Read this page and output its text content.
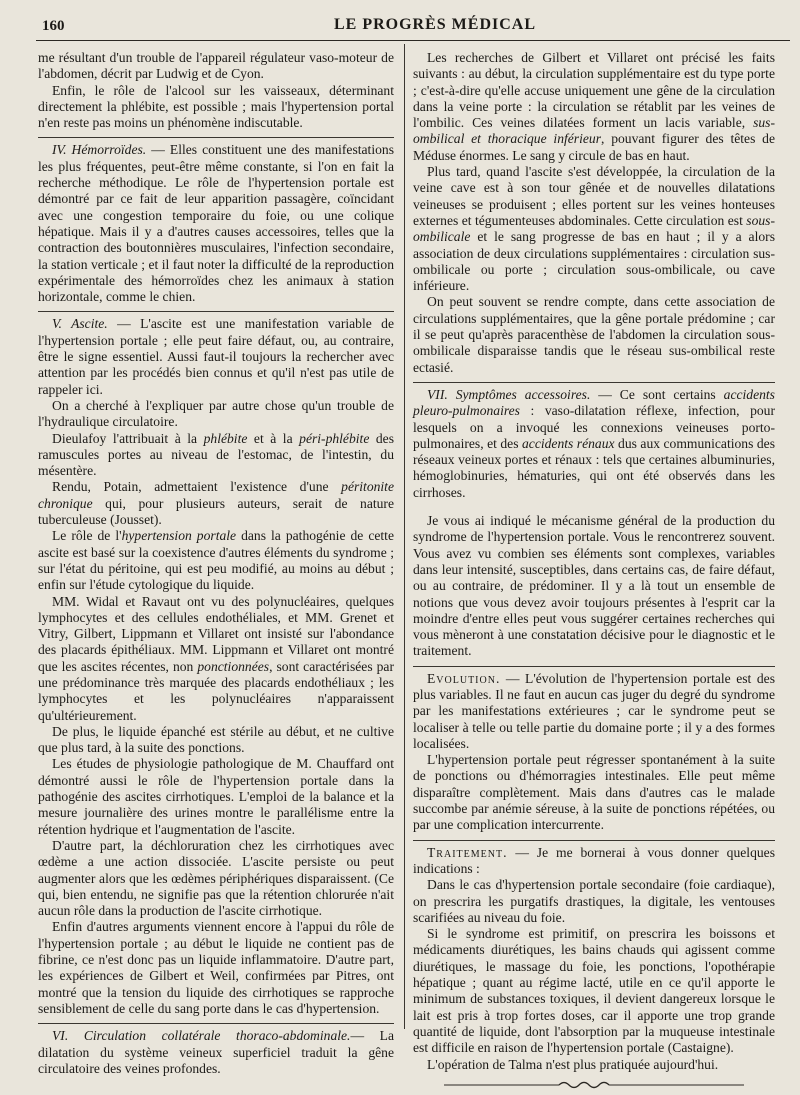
160	LE PROGRÈS MÉDICAL

me résultant d'un trouble de l'appareil régulateur vaso-moteur de l'abdomen, décrit par Ludwig et de Cyon.

Enfin, le rôle de l'alcool sur les vaisseaux, déterminant directement la phlébite, est possible ; mais l'hypertension portal n'en reste pas moins un phénomène indiscutable.

IV. Hémorroïdes. — Elles constituent une des manifestations les plus fréquentes, peut-être même constante, si l'on en fait la recherche méthodique. Le rôle de l'hypertension portale est démontré par ce fait de leur apparition passagère, coïncidant avec une congestion temporaire du foie, ou une colique hépatique. Mais il y a d'autres causes accessoires, telles que la contraction des boutonnières musculaires, l'infection secondaire, la station verticale ; et il faut noter la difficulté de la reproduction expérimentale des hémorroïdes chez les animaux à station horizontale, comme le chien.

V. Ascite. — L'ascite est une manifestation variable de l'hypertension portale ; elle peut faire défaut, ou, au contraire, être le signe essentiel. Aussi faut-il toujours la rechercher avec attention par les procédés bien connus et qu'il n'est pas utile de rappeler ici.

On a cherché à l'expliquer par autre chose qu'un trouble de l'hydraulique circulatoire.

Dieulafoy l'attribuait à la phlébite et à la péri-phlébite des ramuscules portes au niveau de l'estomac, de l'intestin, du mésentère.

Rendu, Potain, admettaient l'existence d'une péritonite chronique qui, pour plusieurs auteurs, serait de nature tuberculeuse (Jousset).

Le rôle de l'hypertension portale dans la pathogénie de cette ascite est basé sur la coexistence d'autres éléments du syndrome ; sur l'état du péritoine, qui est peu modifié, au moins au début ; enfin sur l'étude cytologique du liquide.

MM. Widal et Ravaut ont vu des polynucléaires, quelques lymphocytes et des cellules endothéliales, et MM. Grenet et Vitry, Gilbert, Lippmann et Villaret ont insisté sur l'abondance des placards épithéliaux. MM. Lippmann et Villaret ont montré que les ascites récentes, non ponctionnées, sont caractérisées par une prédominance très marquée des placards endothéliaux ; les lymphocytes et les polynucléaires n'apparaissent qu'ultérieurement.

De plus, le liquide épanché est stérile au début, et ne cultive que plus tard, à la suite des ponctions.

Les études de physiologie pathologique de M. Chauffard ont démontré aussi le rôle de l'hypertension portale dans la pathogénie des ascites cirrhotiques. L'emploi de la balance et la mesure journalière des urines montre le parallélisme entre la rétention hydrique et l'augmentation de l'ascite.

D'autre part, la déchloruration chez les cirrhotiques avec œdème a une action dissociée. L'ascite persiste ou peut augmenter alors que les œdèmes périphériques disparaissent. (Ce qui, bien entendu, ne signifie pas que la rétention chlorurée n'ait aucun rôle dans la production de l'ascite cirrhotique.

Enfin d'autres arguments viennent encore à l'appui du rôle de l'hypertension portale ; au début le liquide ne contient pas de fibrine, ce n'est donc pas un liquide inflammatoire. D'autre part, les expériences de Gilbert et Weil, confirmées par Pitres, ont montré que la tension du liquide des cirrhotiques se rapproche sensiblement de celle du sang porte dans le cas d'hypertension.

VI. Circulation collatérale thoraco-abdominale.— La dilatation du système veineux superficiel traduit la gêne circulatoire des veines profondes.

Les recherches de Gilbert et Villaret ont précisé les faits suivants : au début, la circulation supplémentaire est du type porte ; c'est-à-dire qu'elle accuse uniquement une gêne de la circulation dans la veine porte : la circulation se rétablit par les veines de l'ombilic. Ces veines dilatées forment un lacis variable, sus-ombilical et thoracique inférieur, pouvant figurer des têtes de Méduse énormes. Le sang y circule de bas en haut.

Plus tard, quand l'ascite s'est développée, la circulation de la veine cave est à son tour gênée et de nouvelles dilatations veineuses se produisent ; elles portent sur les veines honteuses externes et tégumenteuses abdominales. Cette circulation est sous-ombilicale et le sang progresse de bas en haut ; il y a alors association de deux circulations supplémentaires : circulation sus-ombilicale ou porte ; circulation sous-ombilicale, ou cave inférieure.

On peut souvent se rendre compte, dans cette association de circulations supplémentaires, que la gêne portale prédomine ; car il se peut qu'après paracenthèse de l'abdomen la circulation sous-ombilicale disparaisse tandis que le réseau sus-ombilical reste ectasié.

VII. Symptômes accessoires. — Ce sont certains accidents pleuro-pulmonaires : vaso-dilatation réflexe, infection, pour lesquels on a invoqué les connexions veineuses porto-pulmonaires, et des accidents rénaux dus aux communications des réseaux veineux portes et rénaux : tels que certaines albuminuries, hémoglobinuries, hématuries, qui ont été observés dans les cirrhoses.

Je vous ai indiqué le mécanisme général de la production du syndrome de l'hypertension portale. Vous le rencontrerez souvent. Vous avez vu combien ses éléments sont complexes, variables dans leur intensité, susceptibles, dans certains cas, de faire défaut, ou au contraire, de prédominer. Il y a là tout un ensemble de notions que vous devez avoir toujours présentes à l'esprit car la moindre d'entre elles peut vous suggérer certaines recherches qui vous mèneront à une constatation décisive pour le diagnostic et le traitement.

Evolution. — L'évolution de l'hypertension portale est des plus variables. Il ne faut en aucun cas juger du degré du syndrome par les manifestations extérieures ; car le syndrome peut se localiser à telle ou telle partie du domaine porte ; il y a des formes localisées.

L'hypertension portale peut régresser spontanément à la suite de ponctions ou d'hémorragies intestinales. Elle peut même disparaître complètement. Mais dans d'autres cas le malade succombe par anémie séreuse, à la suite de ponctions répétées, ou par une complication intercurrente.

Traitement. — Je me bornerai à vous donner quelques indications :

Dans le cas d'hypertension portale secondaire (foie cardiaque), on prescrira les purgatifs drastiques, la digitale, les ventouses scarifiées au niveau du foie.

Si le syndrome est primitif, on prescrira les boissons et médicaments diurétiques, les bains chauds qui agissent comme diurétiques, le massage du foie, les ponctions, l'opothérapie hépatique ; quant au régime lacté, utile en ce qu'il apporte le minimum de substances toxiques, il devient dangereux lorsque le lait est pris à trop fortes doses, car il apporte une trop grande quantité de liquide, dont l'absorption par la muqueuse intestinale est difficile en raison de l'hypertension portale (Castaigne).

L'opération de Talma n'est plus pratiquée aujourd'hui.
